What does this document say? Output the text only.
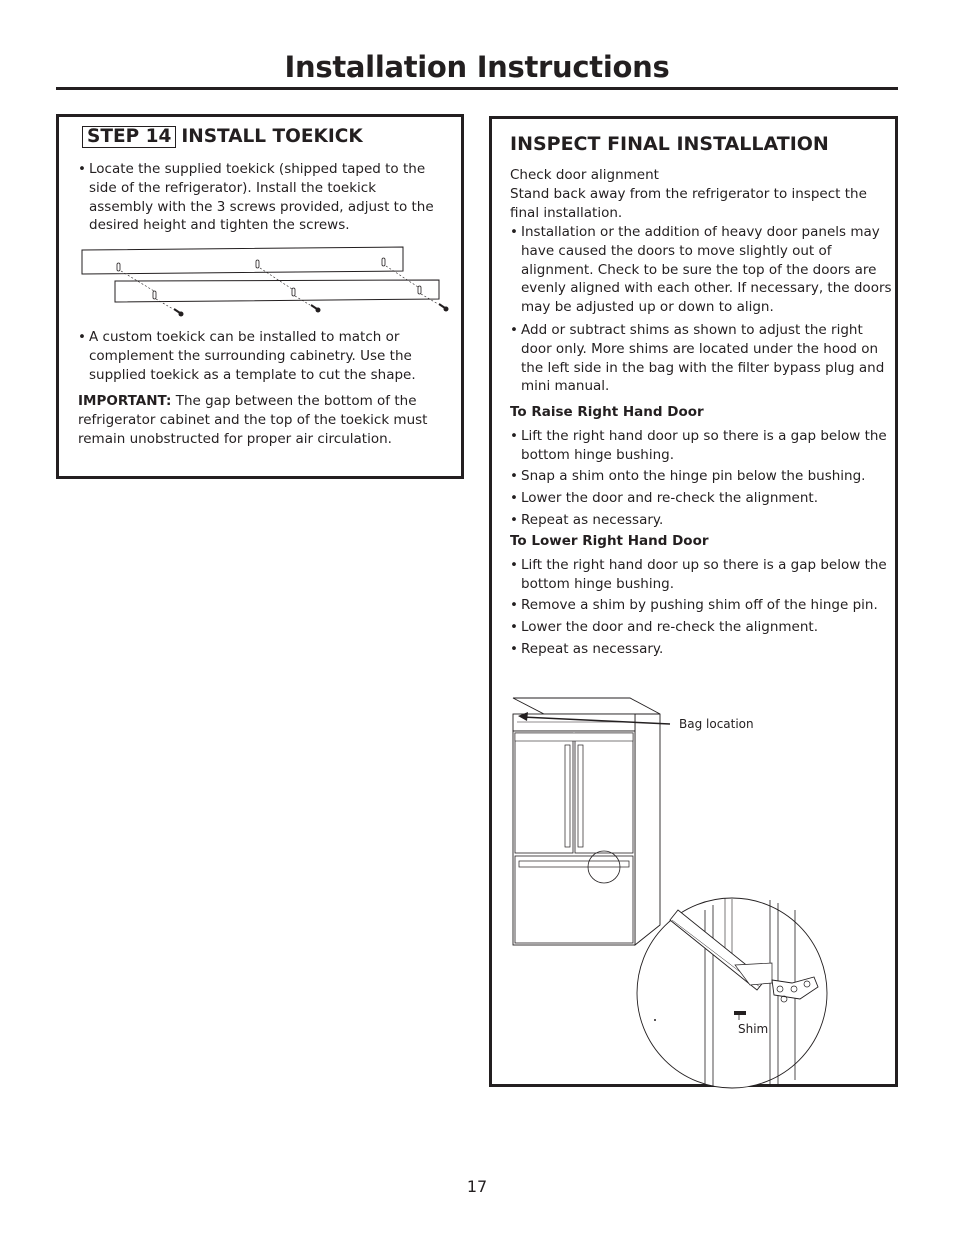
Installation Instructions
STEP 14 INSTALL TOEKICK
• Locate the supplied toekick (shipped taped to the side of the refrigerator). Install the toekick assembly with the 3 screws provided, adjust to the desired height and tighten the screws.
• A custom toekick can be installed to match or complement the surrounding cabinetry. Use the supplied toekick as a template to cut the shape.
IMPORTANT: The gap between the bottom of the refrigerator cabinet and the top of the toekick must remain unobstructed for proper air circulation.
INSPECT FINAL INSTALLATION
Check door alignment
Stand back away from the refrigerator to inspect the final installation.
• Installation or the addition of heavy door panels may have caused the doors to move slightly out of alignment. Check to be sure the top of the doors are evenly aligned with each other. If necessary, the doors may be adjusted up or down to align.
• Add or subtract shims as shown to adjust the right door only. More shims are located under the hood on the left side in the bag with the filter bypass plug and mini manual.
To Raise Right Hand Door
• Lift the right hand door up so there is a gap below the bottom hinge bushing.
• Snap a shim onto the hinge pin below the bushing.
• Lower the door and re-check the alignment.
• Repeat as necessary.
To Lower Right Hand Door
• Lift the right hand door up so there is a gap below the bottom hinge bushing.
• Remove a shim by pushing shim off of the hinge pin.
• Lower the door and re-check the alignment.
• Repeat as necessary.
Bag location
Shim
17
